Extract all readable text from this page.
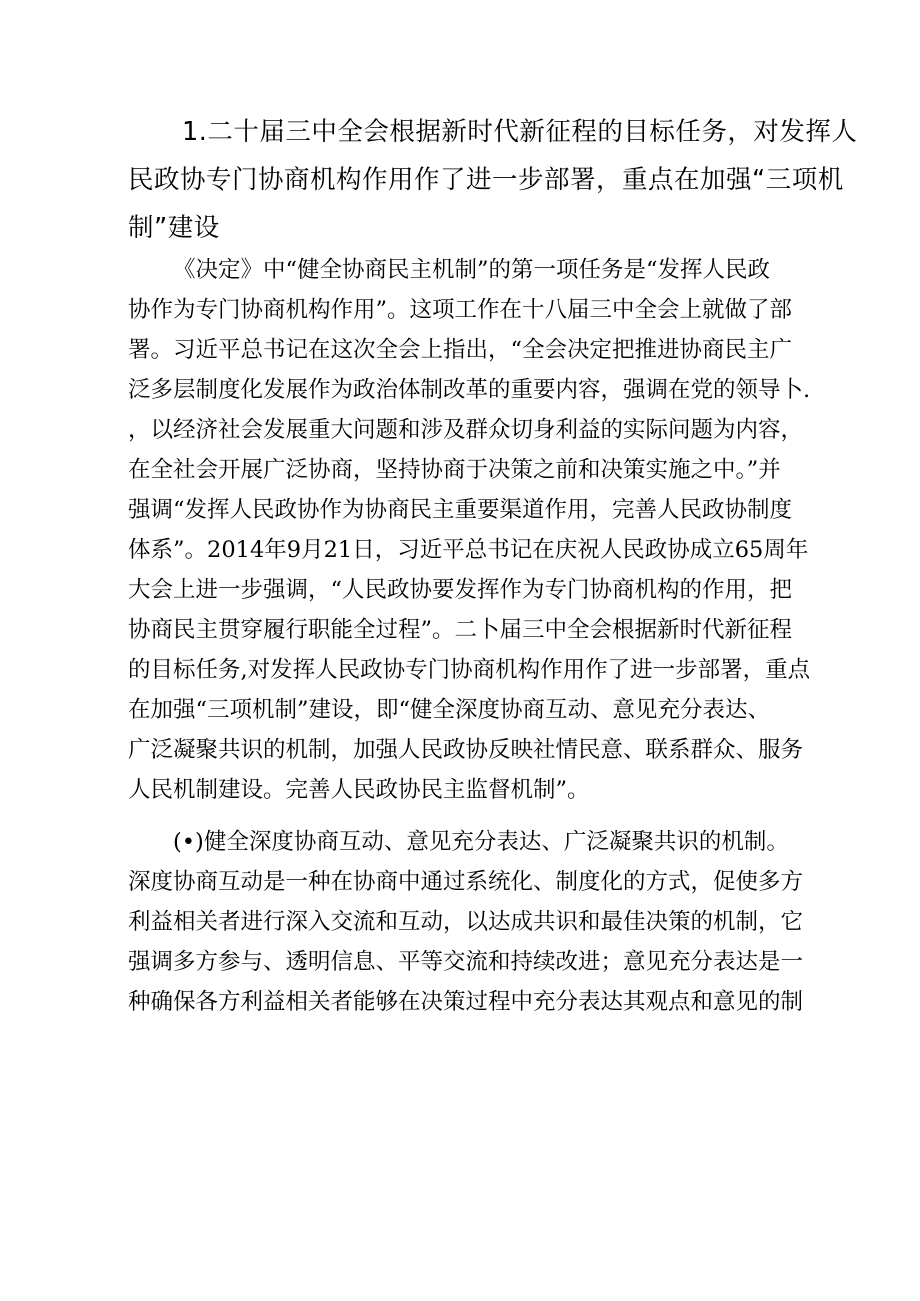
1.二十届三中全会根据新时代新征程的目标任务，对发挥人
民政协专门协商机构作用作了进一步部署，重点在加强“三项机
制”建设

《决定》中“健全协商民主机制”的第一项任务是“发挥人民政
协作为专门协商机构作用”。这项工作在十八届三中全会上就做了部
署。习近平总书记在这次全会上指出，“全会决定把推进协商民主广
泛多层制度化发展作为政治体制改革的重要内容，强调在党的领导卜.
，以经济社会发展重大问题和涉及群众切身利益的实际问题为内容，
在全社会开展广泛协商，坚持协商于决策之前和决策实施之中。”并
强调“发挥人民政协作为协商民主重要渠道作用，完善人民政协制度
体系”。2014年9月21日，习近平总书记在庆祝人民政协成立65周年
大会上进一步强调，“人民政协要发挥作为专门协商机构的作用，把
协商民主贯穿履行职能全过程”。二卜届三中全会根据新时代新征程
的目标任务,对发挥人民政协专门协商机构作用作了进一步部署，重点
在加强“三项机制”建设，即“健全深度协商互动、意见充分表达、
广泛凝聚共识的机制，加强人民政协反映社情民意、联系群众、服务
人民机制建设。完善人民政协民主监督机制”。

(•)健全深度协商互动、意见充分表达、广泛凝聚共识的机制。
深度协商互动是一种在协商中通过系统化、制度化的方式，促使多方
利益相关者进行深入交流和互动，以达成共识和最佳决策的机制，它
强调多方参与、透明信息、平等交流和持续改进；意见充分表达是一
种确保各方利益相关者能够在决策过程中充分表达其观点和意见的制
